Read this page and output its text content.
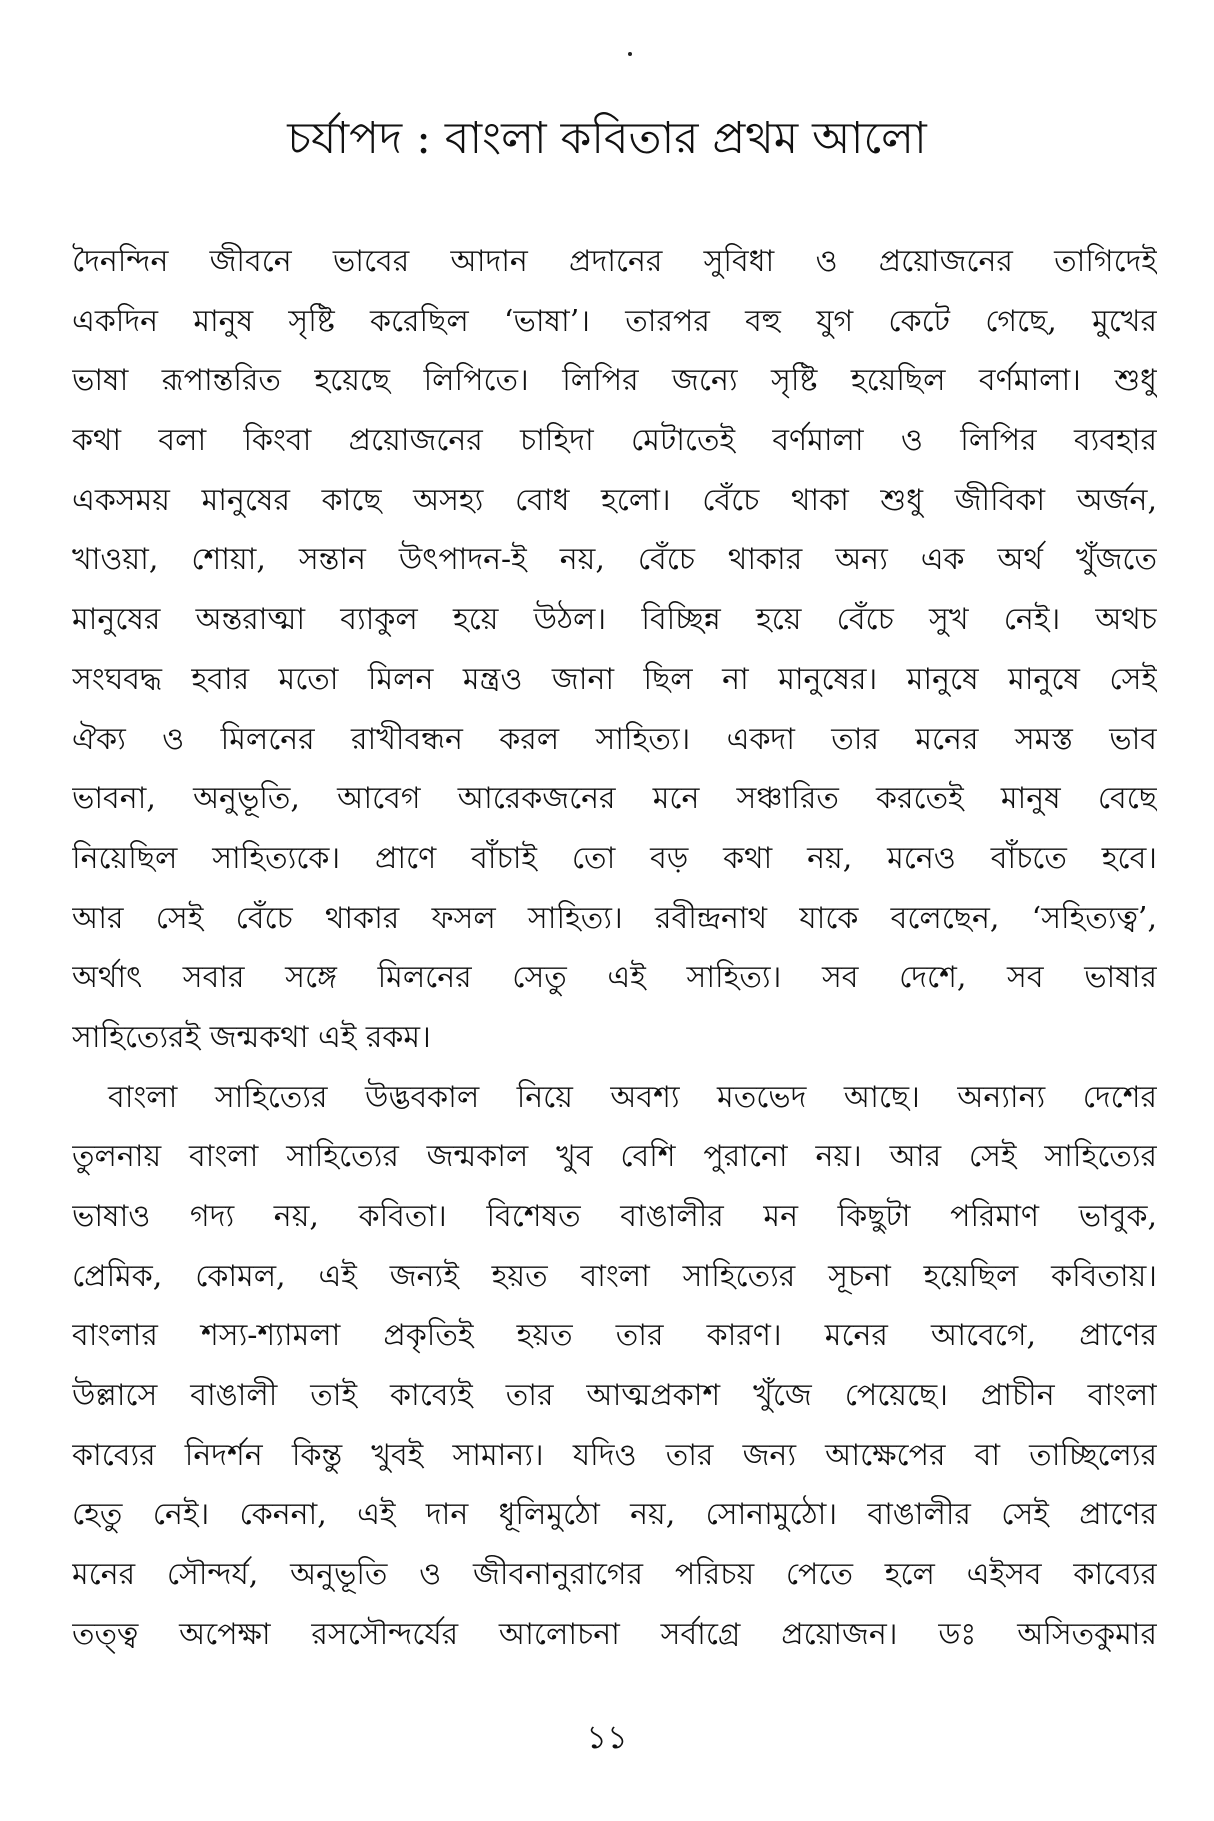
চর্যাপদ : বাংলা কবিতার প্রথম আলো
দৈনন্দিন জীবনে ভাবের আদান প্রদানের সুবিধা ও প্রয়োজনের তাগিদেই
একদিন মানুষ সৃষ্টি করেছিল ‘ভাষা’। তারপর বহু যুগ কেটে গেছে, মুখের
ভাষা রূপান্তরিত হয়েছে লিপিতে। লিপির জন্যে সৃষ্টি হয়েছিল বর্ণমালা। শুধু
কথা বলা কিংবা প্রয়োজনের চাহিদা মেটাতেই বর্ণমালা ও লিপির ব্যবহার
একসময় মানুষের কাছে অসহ্য বোধ হলো। বেঁচে থাকা শুধু জীবিকা অর্জন,
খাওয়া, শোয়া, সন্তান উৎপাদন-ই নয়, বেঁচে থাকার অন্য এক অর্থ খুঁজতে
মানুষের অন্তরাত্মা ব্যাকুল হয়ে উঠল। বিচ্ছিন্ন হয়ে বেঁচে সুখ নেই। অথচ
সংঘবদ্ধ হবার মতো মিলন মন্ত্রও জানা ছিল না মানুষের। মানুষে মানুষে সেই
ঐক্য ও মিলনের রাখীবন্ধন করল সাহিত্য। একদা তার মনের সমস্ত ভাব
ভাবনা, অনুভূতি, আবেগ আরেকজনের মনে সঞ্চারিত করতেই মানুষ বেছে
নিয়েছিল সাহিত্যকে। প্রাণে বাঁচাই তো বড় কথা নয়, মনেও বাঁচতে হবে।
আর সেই বেঁচে থাকার ফসল সাহিত্য। রবীন্দ্রনাথ যাকে বলেছেন, ‘সহিত্যত্ব’,
অর্থাৎ সবার সঙ্গে মিলনের সেতু এই সাহিত্য। সব দেশে, সব ভাষার
সাহিত্যেরই জন্মকথা এই রকম।
বাংলা সাহিত্যের উদ্ভবকাল নিয়ে অবশ্য মতভেদ আছে। অন্যান্য দেশের
তুলনায় বাংলা সাহিত্যের জন্মকাল খুব বেশি পুরানো নয়। আর সেই সাহিত্যের
ভাষাও গদ্য নয়, কবিতা। বিশেষত বাঙালীর মন কিছুটা পরিমাণ ভাবুক,
প্রেমিক, কোমল, এই জন্যই হয়ত বাংলা সাহিত্যের সূচনা হয়েছিল কবিতায়।
বাংলার শস্য-শ্যামলা প্রকৃতিই হয়ত তার কারণ। মনের আবেগে, প্রাণের
উল্লাসে বাঙালী তাই কাব্যেই তার আত্মপ্রকাশ খুঁজে পেয়েছে। প্রাচীন বাংলা
কাব্যের নিদর্শন কিন্তু খুবই সামান্য। যদিও তার জন্য আক্ষেপের বা তাচ্ছিল্যের
হেতু নেই। কেননা, এই দান ধূলিমুঠো নয়, সোনামুঠো। বাঙালীর সেই প্রাণের
মনের সৌন্দর্য, অনুভূতি ও জীবনানুরাগের পরিচয় পেতে হলে এইসব কাব্যের
তত্ত্ব অপেক্ষা রসসৌন্দর্যের আলোচনা সর্বাগ্রে প্রয়োজন। ডঃ অসিতকুমার
১১
